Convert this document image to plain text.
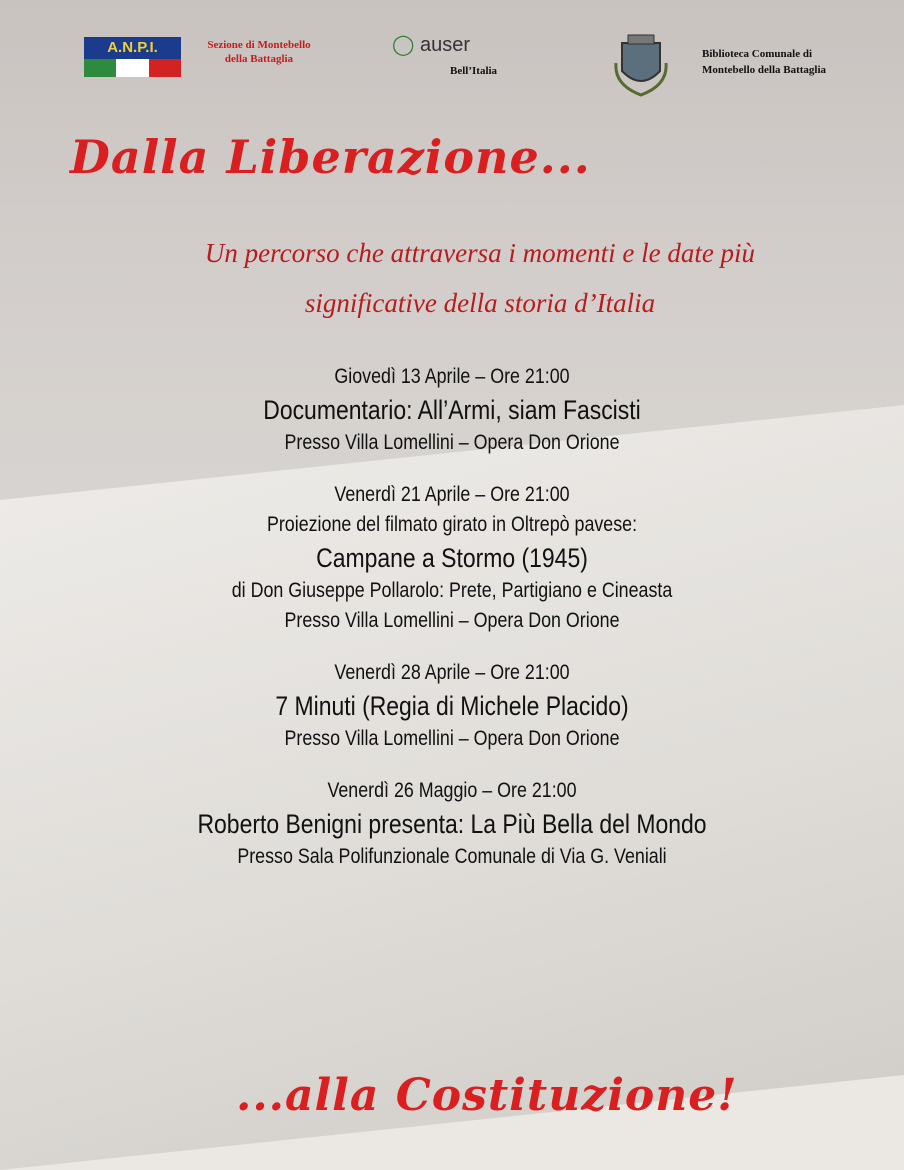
A.N.P.I.	Sezione di Montebello della Battaglia
◯ auser
Bell’Italia
Biblioteca Comunale di Montebello della Battaglia
Dalla Liberazione...
Un percorso che attraversa i momenti e le date più
significative della storia d’Italia
Giovedì 13 Aprile – Ore 21:00
Documentario: All’Armi, siam Fascisti
Presso Villa Lomellini – Opera Don Orione
Venerdì 21 Aprile – Ore 21:00
Proiezione del filmato girato in Oltrepò pavese:
Campane a Stormo (1945)
di Don Giuseppe Pollarolo: Prete, Partigiano e Cineasta
Presso Villa Lomellini – Opera Don Orione
Venerdì 28 Aprile – Ore 21:00
7 Minuti (Regia di Michele Placido)
Presso Villa Lomellini – Opera Don Orione
Venerdì 26 Maggio – Ore 21:00
Roberto Benigni presenta: La Più Bella del Mondo
Presso Sala Polifunzionale Comunale di Via G. Veniali
...alla Costituzione!
